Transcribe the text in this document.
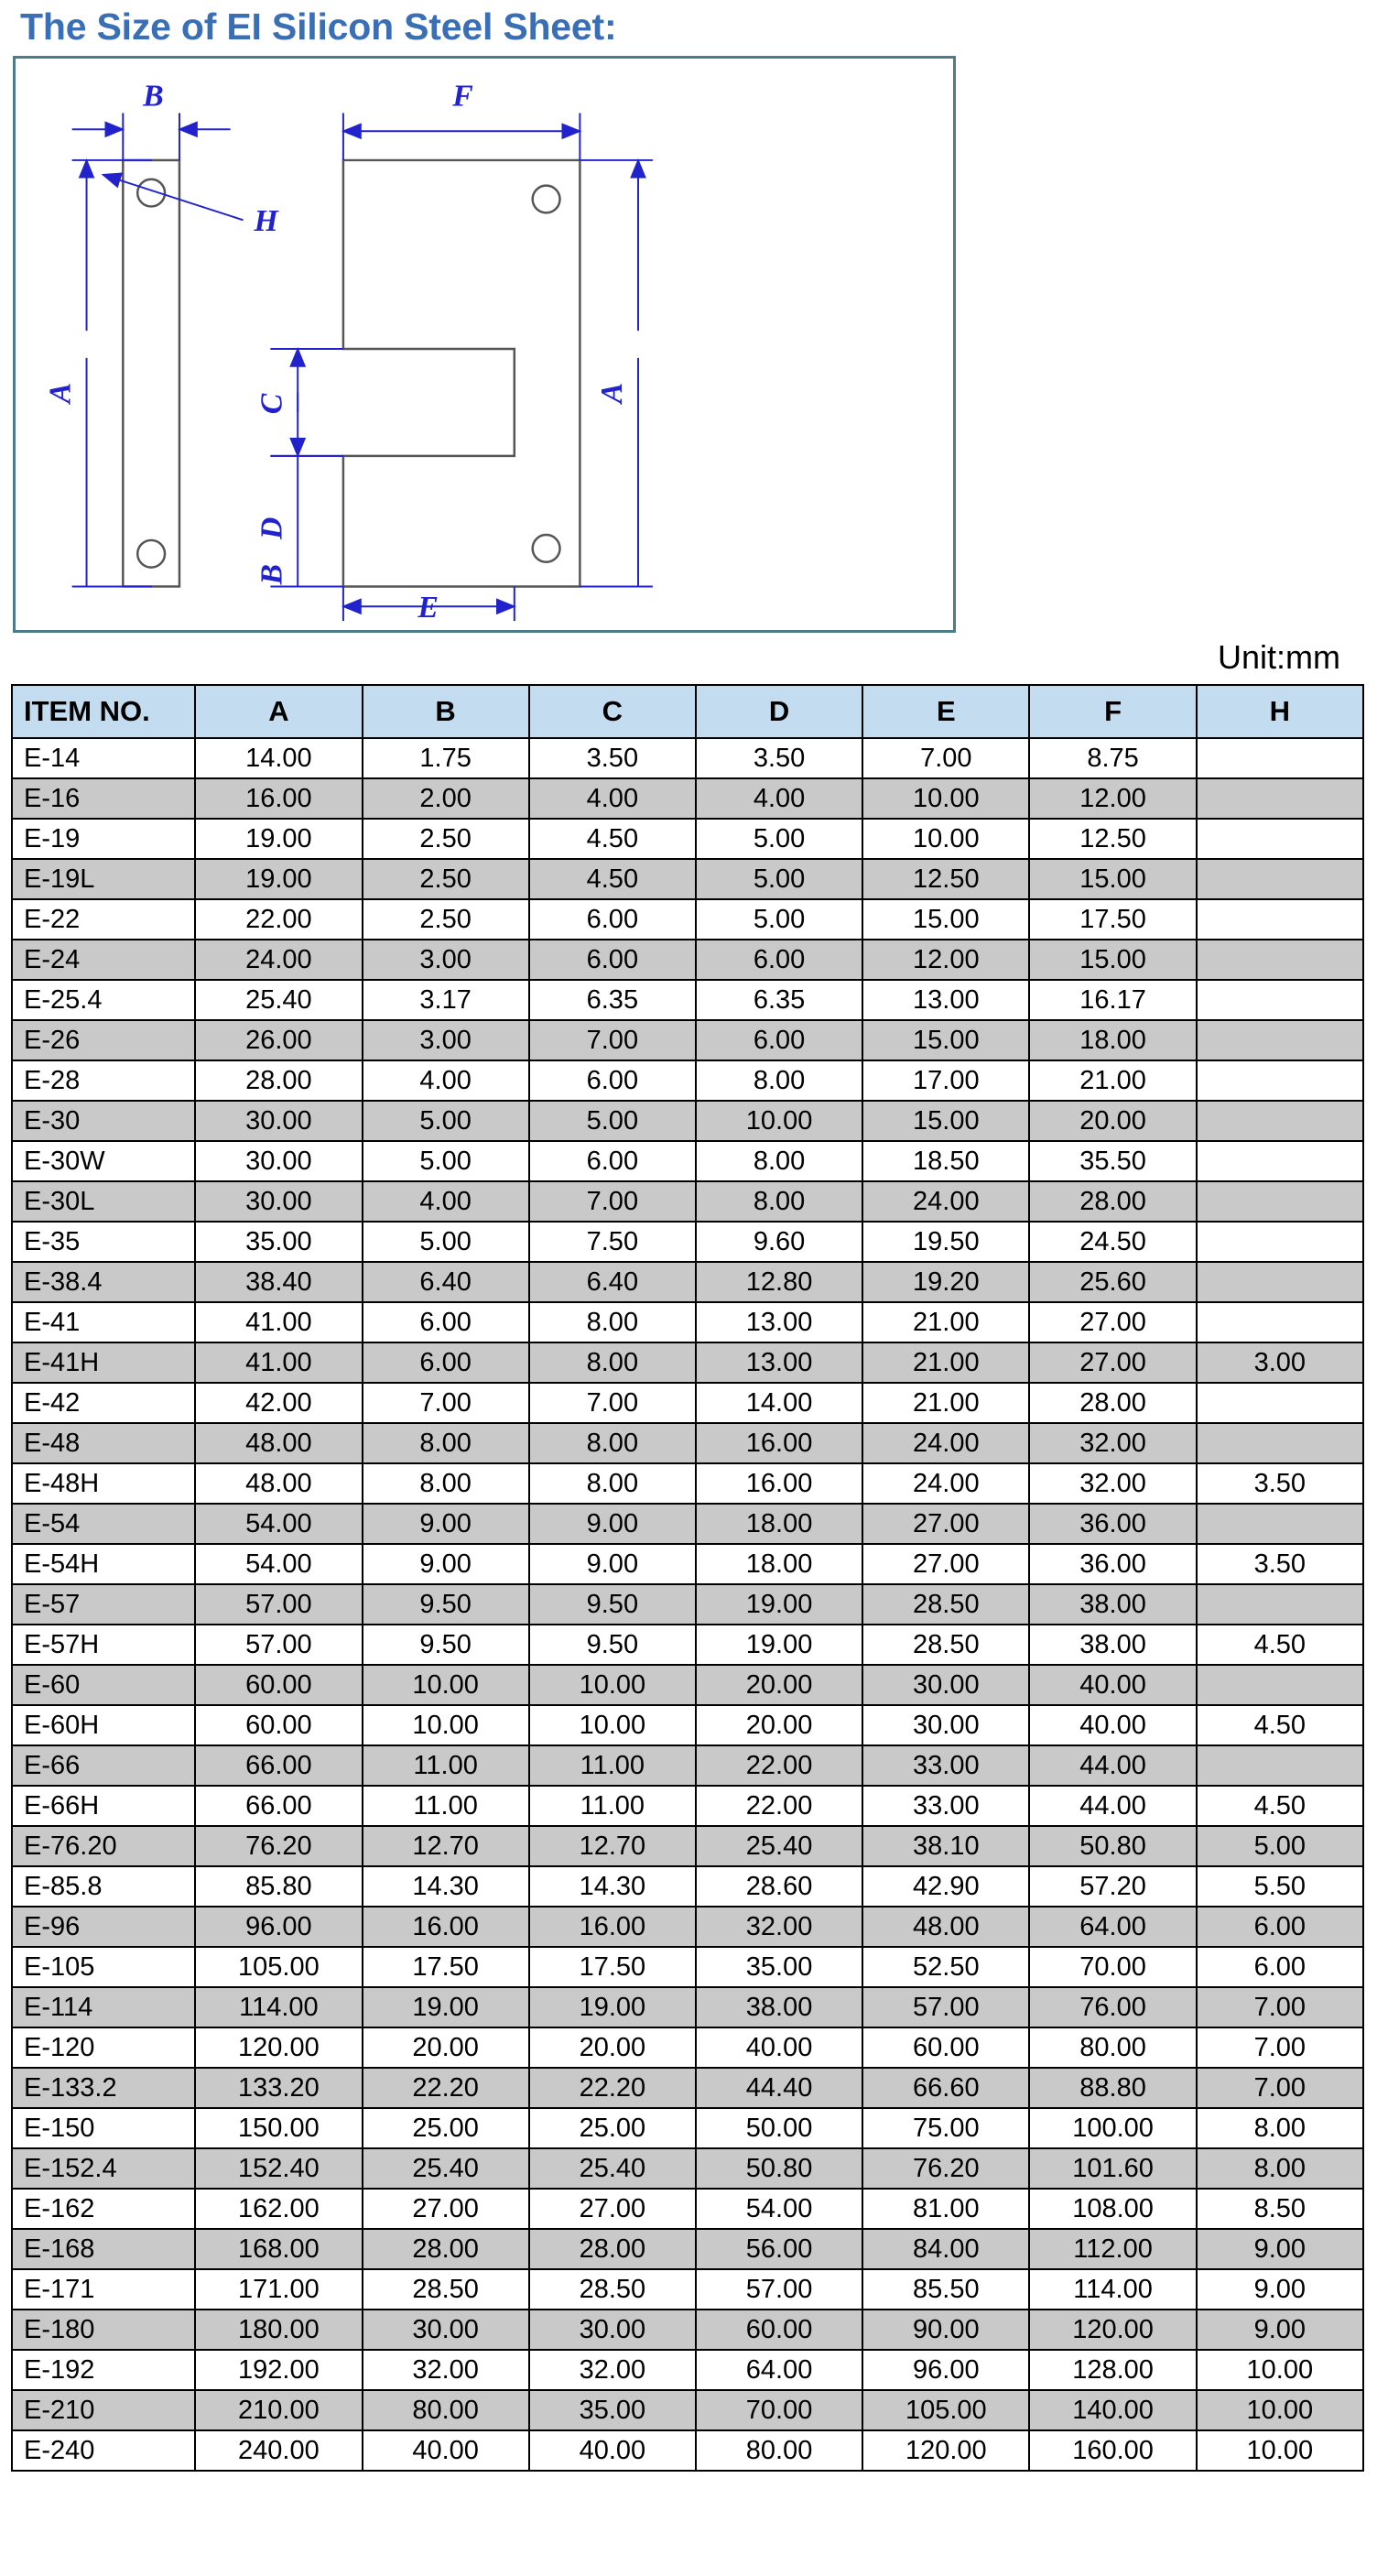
The Size of EI Silicon Steel Sheet:
B
A
H
F
A
C
D
B
E
Unit:mm
ITEM NO.	A	B	C	D	E	F	H
E-14	14.00	1.75	3.50	3.50	7.00	8.75	
E-16	16.00	2.00	4.00	4.00	10.00	12.00	
E-19	19.00	2.50	4.50	5.00	10.00	12.50	
E-19L	19.00	2.50	4.50	5.00	12.50	15.00	
E-22	22.00	2.50	6.00	5.00	15.00	17.50	
E-24	24.00	3.00	6.00	6.00	12.00	15.00	
E-25.4	25.40	3.17	6.35	6.35	13.00	16.17	
E-26	26.00	3.00	7.00	6.00	15.00	18.00	
E-28	28.00	4.00	6.00	8.00	17.00	21.00	
E-30	30.00	5.00	5.00	10.00	15.00	20.00	
E-30W	30.00	5.00	6.00	8.00	18.50	35.50	
E-30L	30.00	4.00	7.00	8.00	24.00	28.00	
E-35	35.00	5.00	7.50	9.60	19.50	24.50	
E-38.4	38.40	6.40	6.40	12.80	19.20	25.60	
E-41	41.00	6.00	8.00	13.00	21.00	27.00	
E-41H	41.00	6.00	8.00	13.00	21.00	27.00	3.00
E-42	42.00	7.00	7.00	14.00	21.00	28.00	
E-48	48.00	8.00	8.00	16.00	24.00	32.00	
E-48H	48.00	8.00	8.00	16.00	24.00	32.00	3.50
E-54	54.00	9.00	9.00	18.00	27.00	36.00	
E-54H	54.00	9.00	9.00	18.00	27.00	36.00	3.50
E-57	57.00	9.50	9.50	19.00	28.50	38.00	
E-57H	57.00	9.50	9.50	19.00	28.50	38.00	4.50
E-60	60.00	10.00	10.00	20.00	30.00	40.00	
E-60H	60.00	10.00	10.00	20.00	30.00	40.00	4.50
E-66	66.00	11.00	11.00	22.00	33.00	44.00	
E-66H	66.00	11.00	11.00	22.00	33.00	44.00	4.50
E-76.20	76.20	12.70	12.70	25.40	38.10	50.80	5.00
E-85.8	85.80	14.30	14.30	28.60	42.90	57.20	5.50
E-96	96.00	16.00	16.00	32.00	48.00	64.00	6.00
E-105	105.00	17.50	17.50	35.00	52.50	70.00	6.00
E-114	114.00	19.00	19.00	38.00	57.00	76.00	7.00
E-120	120.00	20.00	20.00	40.00	60.00	80.00	7.00
E-133.2	133.20	22.20	22.20	44.40	66.60	88.80	7.00
E-150	150.00	25.00	25.00	50.00	75.00	100.00	8.00
E-152.4	152.40	25.40	25.40	50.80	76.20	101.60	8.00
E-162	162.00	27.00	27.00	54.00	81.00	108.00	8.50
E-168	168.00	28.00	28.00	56.00	84.00	112.00	9.00
E-171	171.00	28.50	28.50	57.00	85.50	114.00	9.00
E-180	180.00	30.00	30.00	60.00	90.00	120.00	9.00
E-192	192.00	32.00	32.00	64.00	96.00	128.00	10.00
E-210	210.00	80.00	35.00	70.00	105.00	140.00	10.00
E-240	240.00	40.00	40.00	80.00	120.00	160.00	10.00
